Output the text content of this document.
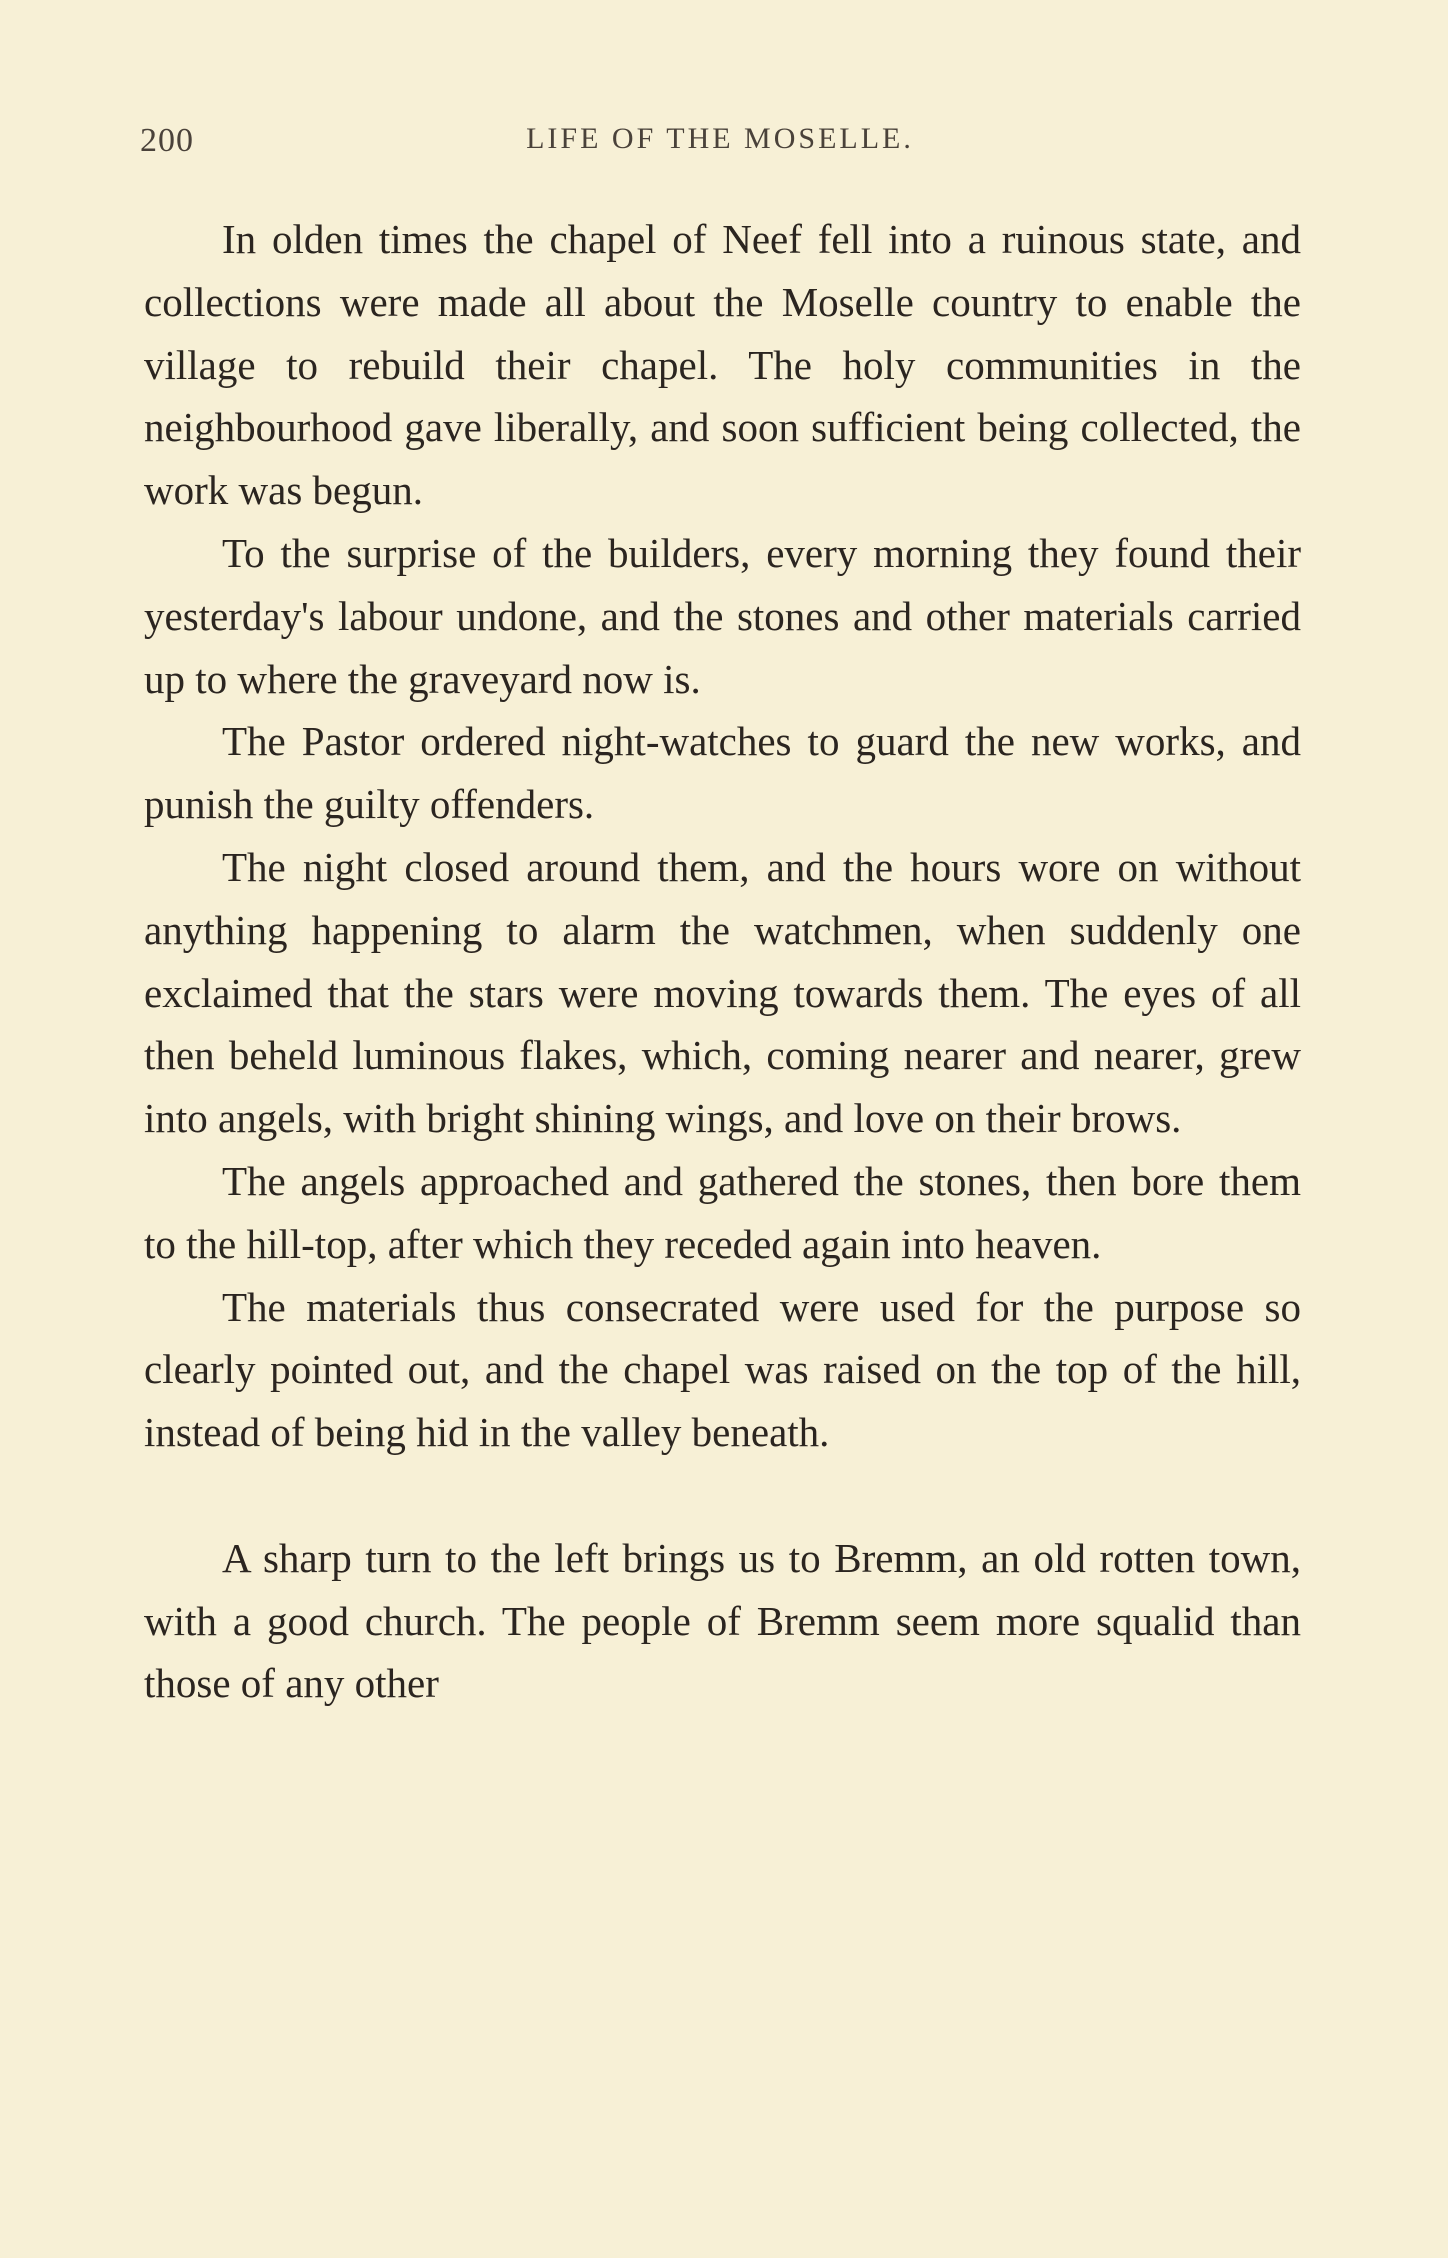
200	LIFE OF THE MOSELLE.

In olden times the chapel of Neef fell into a ruinous state, and collections were made all about the Moselle country to enable the village to rebuild their chapel. The holy communities in the neighbourhood gave liberally, and soon sufficient being collected, the work was begun.

To the surprise of the builders, every morning they found their yesterday's labour undone, and the stones and other materials carried up to where the graveyard now is.

The Pastor ordered night-watches to guard the new works, and punish the guilty offenders.

The night closed around them, and the hours wore on without anything happening to alarm the watchmen, when suddenly one exclaimed that the stars were moving towards them. The eyes of all then beheld luminous flakes, which, coming nearer and nearer, grew into angels, with bright shining wings, and love on their brows.

The angels approached and gathered the stones, then bore them to the hill-top, after which they receded again into heaven.

The materials thus consecrated were used for the purpose so clearly pointed out, and the chapel was raised on the top of the hill, instead of being hid in the valley beneath.

A sharp turn to the left brings us to Bremm, an old rotten town, with a good church. The people of Bremm seem more squalid than those of any other
